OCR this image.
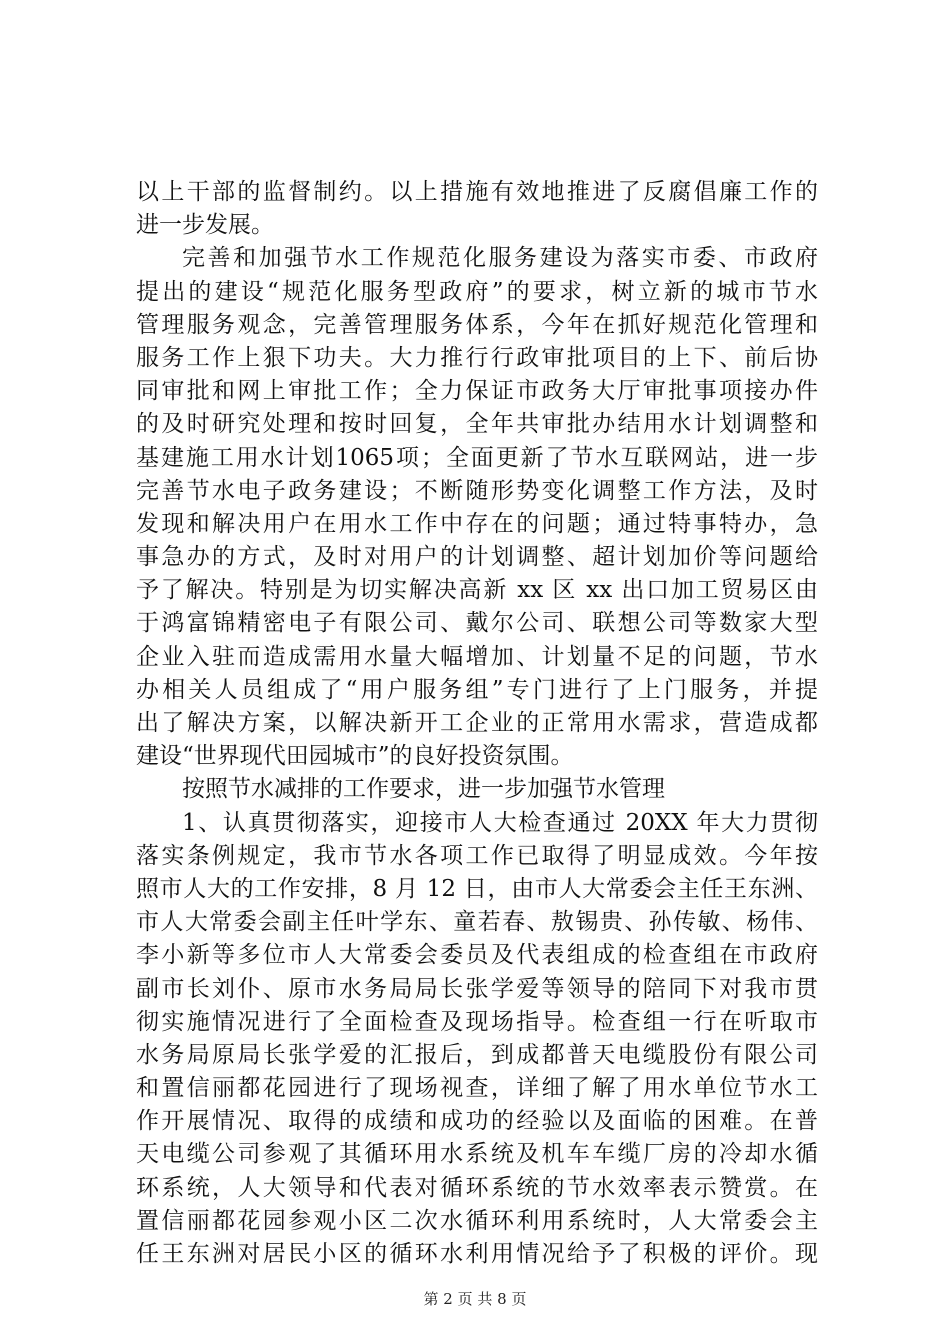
以上干部的监督制约。以上措施有效地推进了反腐倡廉工作的
进一步发展。
完善和加强节水工作规范化服务建设为落实市委、市政府
提出的建设“规范化服务型政府”的要求，树立新的城市节水
管理服务观念，完善管理服务体系，今年在抓好规范化管理和
服务工作上狠下功夫。大力推行行政审批项目的上下、前后协
同审批和网上审批工作；全力保证市政务大厅审批事项接办件
的及时研究处理和按时回复，全年共审批办结用水计划调整和
基建施工用水计划1065项；全面更新了节水互联网站，进一步
完善节水电子政务建设；不断随形势变化调整工作方法，及时
发现和解决用户在用水工作中存在的问题；通过特事特办，急
事急办的方式，及时对用户的计划调整、超计划加价等问题给
予了解决。特别是为切实解决高新 xx 区 xx 出口加工贸易区由
于鸿富锦精密电子有限公司、戴尔公司、联想公司等数家大型
企业入驻而造成需用水量大幅增加、计划量不足的问题，节水
办相关人员组成了“用户服务组”专门进行了上门服务，并提
出了解决方案，以解决新开工企业的正常用水需求，营造成都
建设“世界现代田园城市”的良好投资氛围。
按照节水减排的工作要求，进一步加强节水管理
1、认真贯彻落实，迎接市人大检查通过 20XX 年大力贯彻
落实条例规定，我市节水各项工作已取得了明显成效。今年按
照市人大的工作安排，8 月 12 日，由市人大常委会主任王东洲、
市人大常委会副主任叶学东、童若春、敖锡贵、孙传敏、杨伟、
李小新等多位市人大常委会委员及代表组成的检查组在市政府
副市长刘仆、原市水务局局长张学爱等领导的陪同下对我市贯
彻实施情况进行了全面检查及现场指导。检查组一行在听取市
水务局原局长张学爱的汇报后，到成都普天电缆股份有限公司
和置信丽都花园进行了现场视查，详细了解了用水单位节水工
作开展情况、取得的成绩和成功的经验以及面临的困难。在普
天电缆公司参观了其循环用水系统及机车车缆厂房的冷却水循
环系统，人大领导和代表对循环系统的节水效率表示赞赏。在
置信丽都花园参观小区二次水循环利用系统时，人大常委会主
任王东洲对居民小区的循环水利用情况给予了积极的评价。现
第 2 页 共 8 页
